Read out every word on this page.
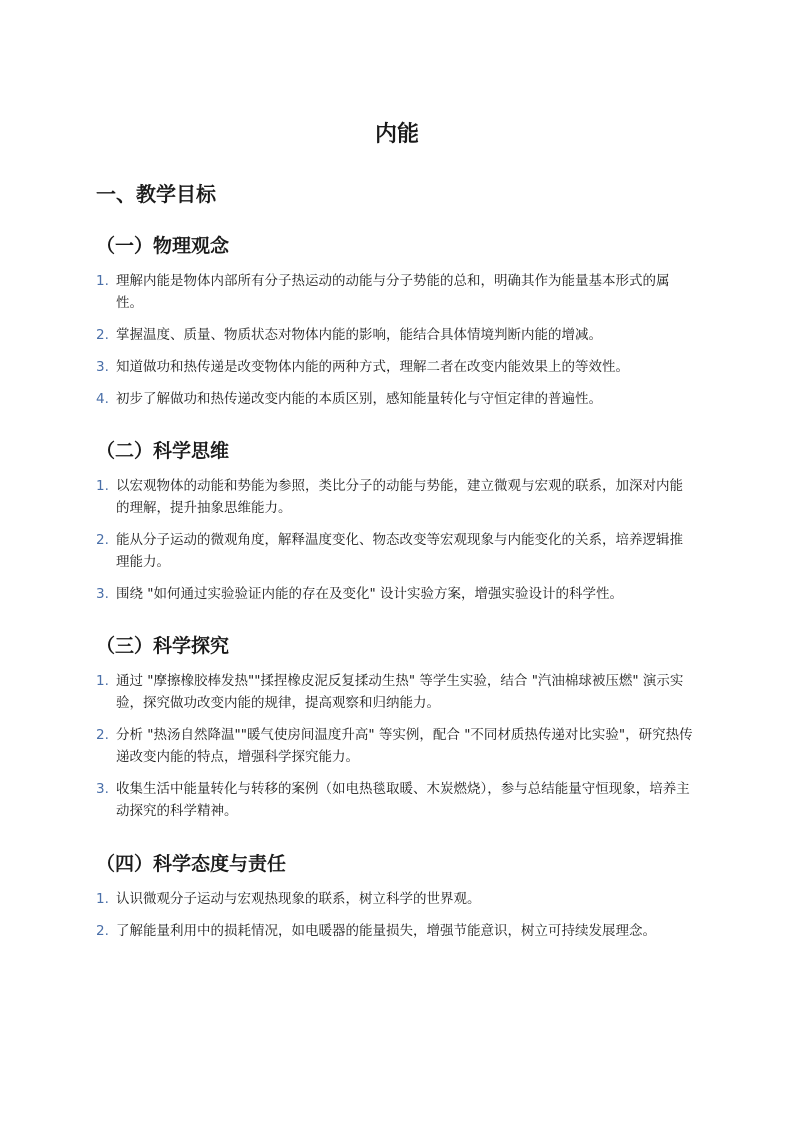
内能
一、教学目标
（一）物理观念
1. 理解内能是物体内部所有分子热运动的动能与分子势能的总和，明确其作为能量基本形式的属性。
2. 掌握温度、质量、物质状态对物体内能的影响，能结合具体情境判断内能的增减。
3. 知道做功和热传递是改变物体内能的两种方式，理解二者在改变内能效果上的等效性。
4. 初步了解做功和热传递改变内能的本质区别，感知能量转化与守恒定律的普遍性。
（二）科学思维
1. 以宏观物体的动能和势能为参照，类比分子的动能与势能，建立微观与宏观的联系，加深对内能的理解，提升抽象思维能力。
2. 能从分子运动的微观角度，解释温度变化、物态改变等宏观现象与内能变化的关系，培养逻辑推理能力。
3. 围绕 "如何通过实验验证内能的存在及变化" 设计实验方案，增强实验设计的科学性。
（三）科学探究
1. 通过 "摩擦橡胶棒发热""揉捏橡皮泥反复揉动生热" 等学生实验，结合 "汽油棉球被压燃" 演示实验，探究做功改变内能的规律，提高观察和归纳能力。
2. 分析 "热汤自然降温""暖气使房间温度升高" 等实例，配合 "不同材质热传递对比实验"，研究热传递改变内能的特点，增强科学探究能力。
3. 收集生活中能量转化与转移的案例（如电热毯取暖、木炭燃烧），参与总结能量守恒现象，培养主动探究的科学精神。
（四）科学态度与责任
1. 认识微观分子运动与宏观热现象的联系，树立科学的世界观。
2. 了解能量利用中的损耗情况，如电暖器的能量损失，增强节能意识，树立可持续发展理念。
